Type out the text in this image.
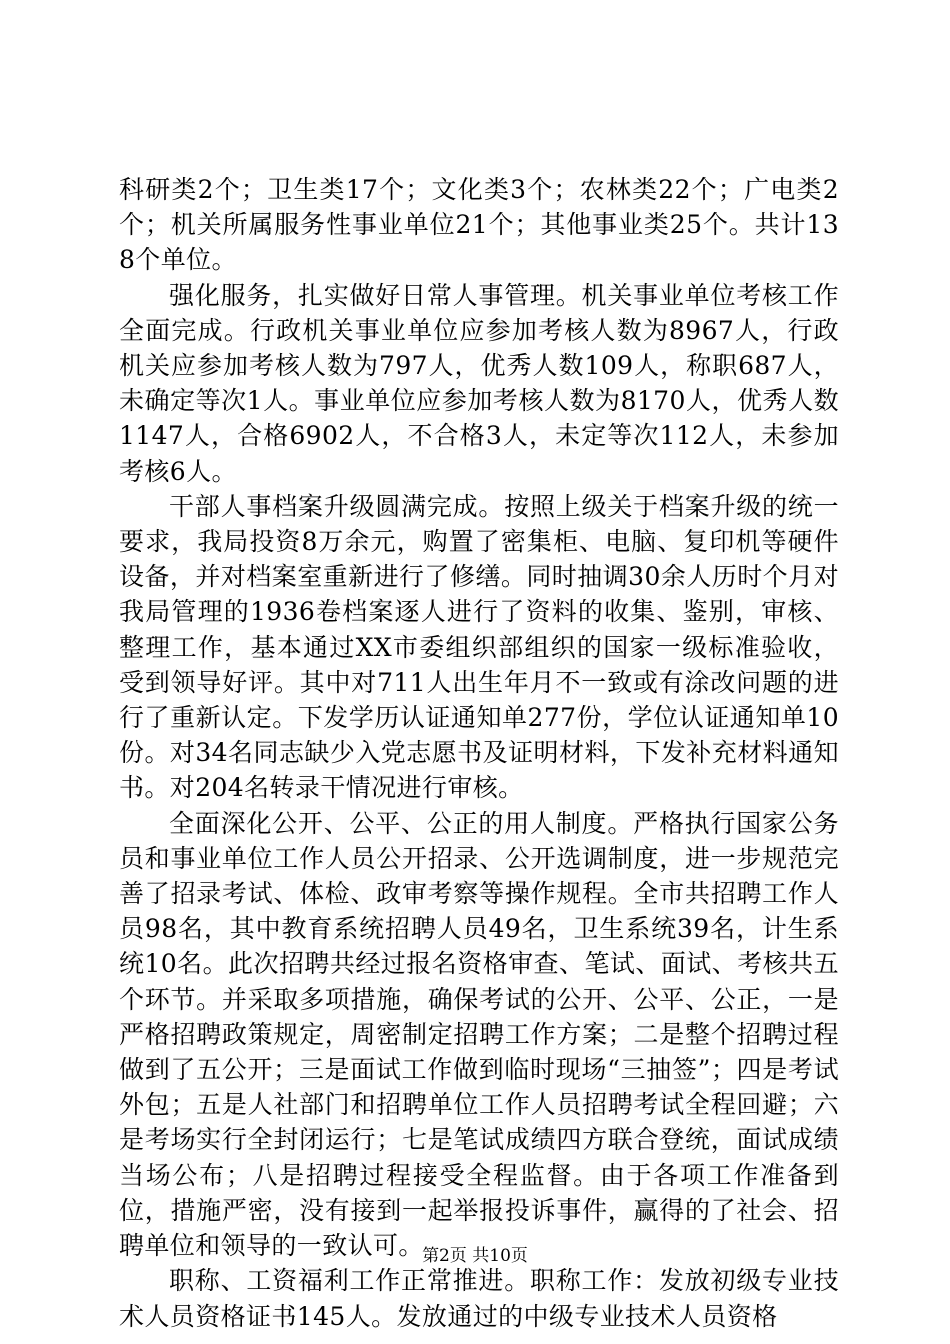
科研类2个；卫生类17个；文化类3个；农林类22个；广电类2个；机关所属服务性事业单位21个；其他事业类25个。共计138个单位。

强化服务，扎实做好日常人事管理。机关事业单位考核工作全面完成。行政机关事业单位应参加考核人数为8967人，行政机关应参加考核人数为797人，优秀人数109人，称职687人，未确定等次1人。事业单位应参加考核人数为8170人，优秀人数1147人，合格6902人，不合格3人，未定等次112人，未参加考核6人。

干部人事档案升级圆满完成。按照上级关于档案升级的统一要求，我局投资8万余元，购置了密集柜、电脑、复印机等硬件设备，并对档案室重新进行了修缮。同时抽调30余人历时个月对我局管理的1936卷档案逐人进行了资料的收集、鉴别，审核、整理工作，基本通过XX市委组织部组织的国家一级标准验收，受到领导好评。其中对711人出生年月不一致或有涂改问题的进行了重新认定。下发学历认证通知单277份，学位认证通知单10份。对34名同志缺少入党志愿书及证明材料，下发补充材料通知书。对204名转录干情况进行审核。

全面深化公开、公平、公正的用人制度。严格执行国家公务员和事业单位工作人员公开招录、公开选调制度，进一步规范完善了招录考试、体检、政审考察等操作规程。全市共招聘工作人员98名，其中教育系统招聘人员49名，卫生系统39名，计生系统10名。此次招聘共经过报名资格审查、笔试、面试、考核共五个环节。并采取多项措施，确保考试的公开、公平、公正，一是严格招聘政策规定，周密制定招聘工作方案；二是整个招聘过程做到了五公开；三是面试工作做到临时现场“三抽签”；四是考试外包；五是人社部门和招聘单位工作人员招聘考试全程回避；六是考场实行全封闭运行；七是笔试成绩四方联合登统，面试成绩当场公布；八是招聘过程接受全程监督。由于各项工作准备到位，措施严密，没有接到一起举报投诉事件，赢得的了社会、招聘单位和领导的一致认可。

职称、工资福利工作正常推进。职称工作：发放初级专业技术人员资格证书145人。发放通过的中级专业技术人员资格

第2页 共10页
